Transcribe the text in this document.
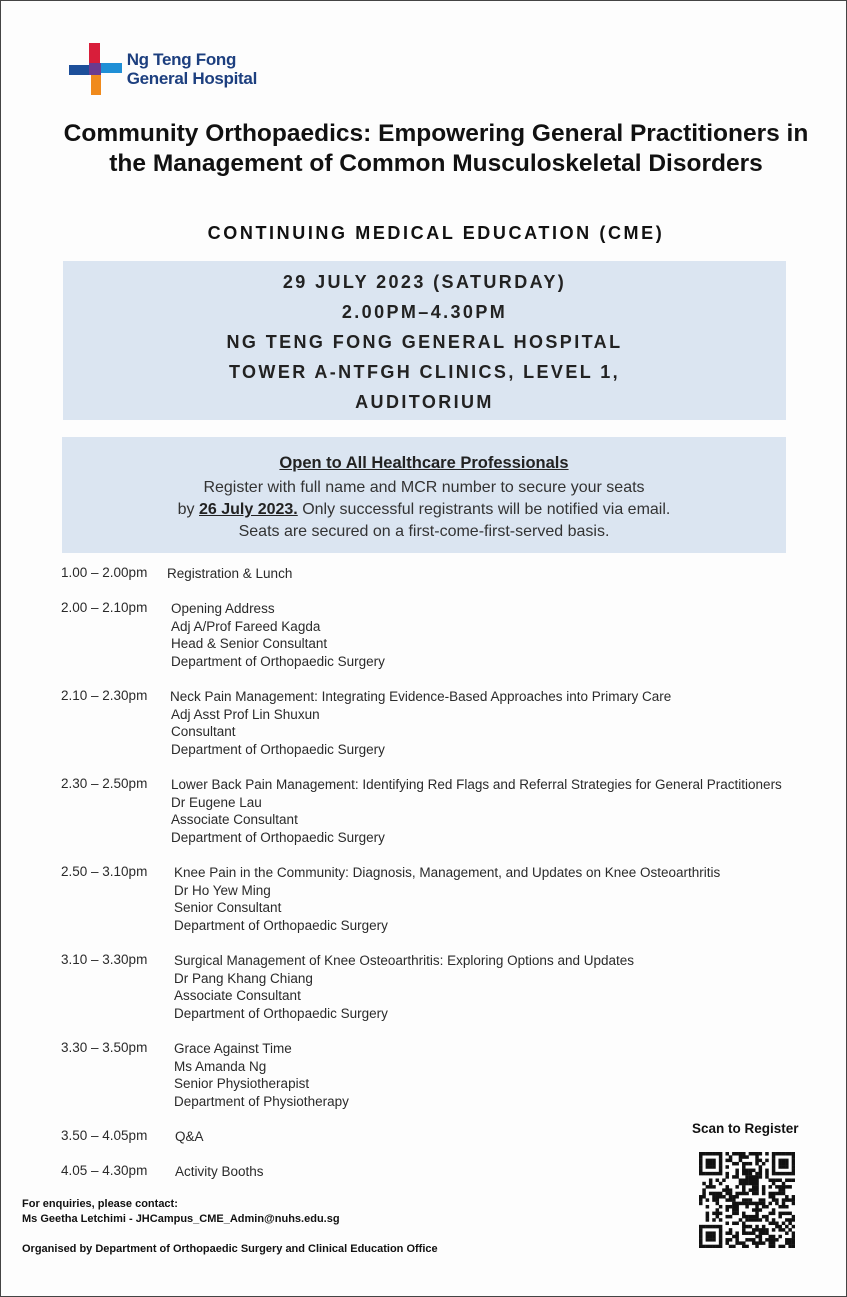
Ng Teng Fong
General Hospital
Community Orthopaedics: Empowering General Practitioners in the Management of Common Musculoskeletal Disorders
CONTINUING MEDICAL EDUCATION (CME)
29 JULY 2023 (SATURDAY)
2.00PM–4.30PM
NG TENG FONG GENERAL HOSPITAL
TOWER A-NTFGH CLINICS, LEVEL 1,
AUDITORIUM
Open to All Healthcare Professionals
Register with full name and MCR number to secure your seats
by 26 July 2023. Only successful registrants will be notified via email.
Seats are secured on a first-come-first-served basis.
1.00 – 2.00pm Registration & Lunch
2.00 – 2.10pm Opening Address
Adj A/Prof Fareed Kagda
Head & Senior Consultant
Department of Orthopaedic Surgery
2.10 – 2.30pm Neck Pain Management: Integrating Evidence-Based Approaches into Primary Care
Adj Asst Prof Lin Shuxun
Consultant
Department of Orthopaedic Surgery
2.30 – 2.50pm Lower Back Pain Management: Identifying Red Flags and Referral Strategies for General Practitioners
Dr Eugene Lau
Associate Consultant
Department of Orthopaedic Surgery
2.50 – 3.10pm Knee Pain in the Community: Diagnosis, Management, and Updates on Knee Osteoarthritis
Dr Ho Yew Ming
Senior Consultant
Department of Orthopaedic Surgery
3.10 – 3.30pm Surgical Management of Knee Osteoarthritis: Exploring Options and Updates
Dr Pang Khang Chiang
Associate Consultant
Department of Orthopaedic Surgery
3.30 – 3.50pm Grace Against Time
Ms Amanda Ng
Senior Physiotherapist
Department of Physiotherapy
3.50 – 4.05pm Q&A
4.05 – 4.30pm Activity Booths
Scan to Register
For enquiries, please contact:
Ms Geetha Letchimi - JHCampus_CME_Admin@nuhs.edu.sg
Organised by Department of Orthopaedic Surgery and Clinical Education Office
